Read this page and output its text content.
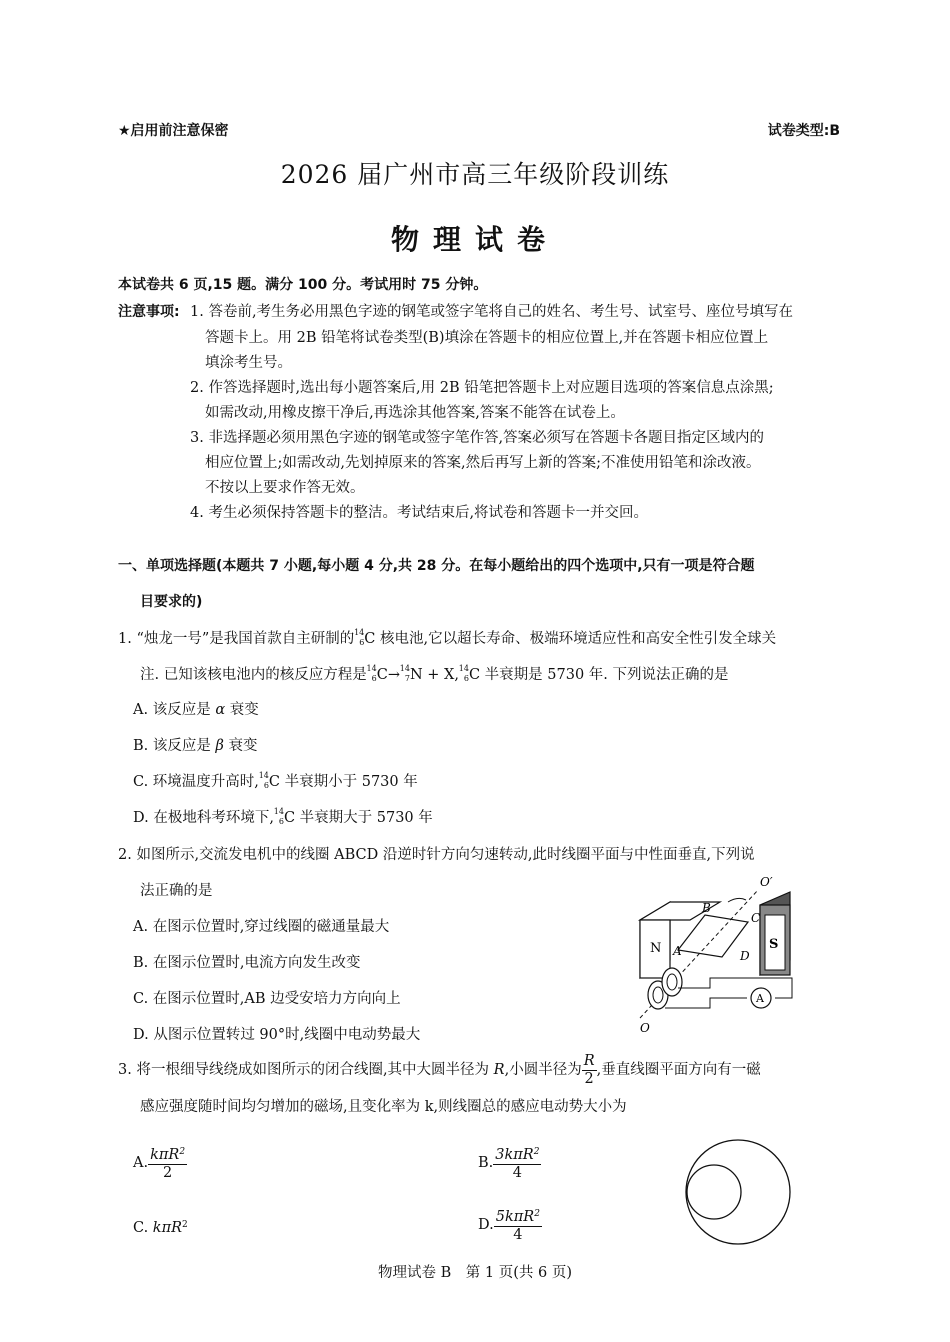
★启用前注意保密	试卷类型:B
2026 届广州市高三年级阶段训练
物理试卷
本试卷共 6 页,15 题。满分 100 分。考试用时 75 分钟。
注意事项: 1. 答卷前,考生务必用黑色字迹的钢笔或签字笔将自己的姓名、考生号、试室号、座位号填写在
答题卡上。用 2B 铅笔将试卷类型(B)填涂在答题卡的相应位置上,并在答题卡相应位置上
填涂考生号。
2. 作答选择题时,选出每小题答案后,用 2B 铅笔把答题卡上对应题目选项的答案信息点涂黑;
如需改动,用橡皮擦干净后,再选涂其他答案,答案不能答在试卷上。
3. 非选择题必须用黑色字迹的钢笔或签字笔作答,答案必须写在答题卡各题目指定区域内的
相应位置上;如需改动,先划掉原来的答案,然后再写上新的答案;不准使用铅笔和涂改液。
不按以上要求作答无效。
4. 考生必须保持答题卡的整洁。考试结束后,将试卷和答题卡一并交回。
一、单项选择题(本题共 7 小题,每小题 4 分,共 28 分。在每小题给出的四个选项中,只有一项是符合题
目要求的)
1. “烛龙一号”是我国首款自主研制的 14
6 C 核电池,它以超长寿命、极端环境适应性和高安全性引发全球关
注. 已知该核电池内的核反应方程是 14
6 C→ 14
7 N + X, 14
6 C 半衰期是 5730 年. 下列说法正确的是
A. 该反应是 α 衰变
B. 该反应是 β 衰变
C. 环境温度升高时, 14
6 C 半衰期小于 5730 年
D. 在极地科考环境下, 14
6 C 半衰期大于 5730 年
2. 如图所示,交流发电机中的线圈 ABCD 沿逆时针方向匀速转动,此时线圈平面与中性面垂直,下列说
法正确的是
A. 在图示位置时,穿过线圈的磁通量最大
B. 在图示位置时,电流方向发生改变
C. 在图示位置时,AB 边受安培力方向向上
D. 从图示位置转过 90°时,线圈中电动势最大
N	S
A
B
C
D
O′
O
A
3. 将一根细导线绕成如图所示的闭合线圈,其中大圆半径为 R,小圆半径为 $\frac{R}{2}$ ,垂直线圈平面方向有一磁
感应强度随时间均匀增加的磁场,且变化率为 k,则线圈总的感应电动势大小为
A. $\frac{k\pi R^2}{2}$	B. $\frac{3k\pi R^2}{4}$
C. kπR$^2$	D. $\frac{5k\pi R^2}{4}$
物理试卷 B　第 1 页(共 6 页)
